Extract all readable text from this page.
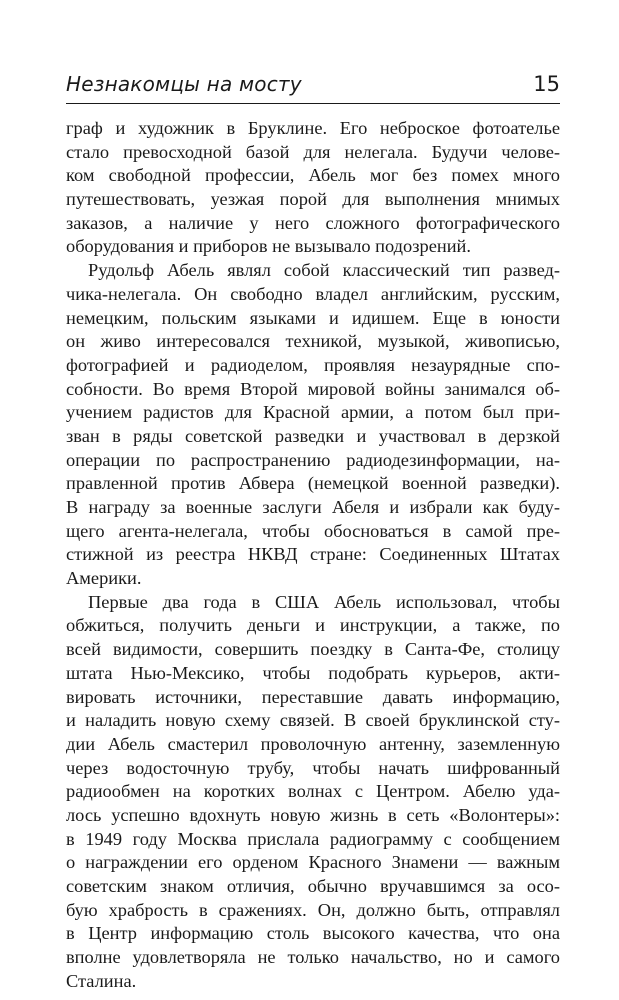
Незнакомцы на мосту	15
граф и художник в Бруклине. Его неброское фотоателье
стало превосходной базой для нелегала. Будучи челове-
ком свободной профессии, Абель мог без помех много
путешествовать, уезжая порой для выполнения мнимых
заказов, а наличие у него сложного фотографического
оборудования и приборов не вызывало подозрений.
Рудольф Абель являл собой классический тип развед-
чика-нелегала. Он свободно владел английским, русским,
немецким, польским языками и идишем. Еще в юности
он живо интересовался техникой, музыкой, живописью,
фотографией и радиоделом, проявляя незаурядные спо-
собности. Во время Второй мировой войны занимался об-
учением радистов для Красной армии, а потом был при-
зван в ряды советской разведки и участвовал в дерзкой
операции по распространению радиодезинформации, на-
правленной против Абвера (немецкой военной разведки).
В награду за военные заслуги Абеля и избрали как буду-
щего агента-нелегала, чтобы обосноваться в самой пре-
стижной из реестра НКВД стране: Соединенных Штатах
Америки.
Первые два года в США Абель использовал, чтобы
обжиться, получить деньги и инструкции, а также, по
всей видимости, совершить поездку в Санта-Фе, столицу
штата Нью-Мексико, чтобы подобрать курьеров, акти-
вировать источники, переставшие давать информацию,
и наладить новую схему связей. В своей бруклинской сту-
дии Абель смастерил проволочную антенну, заземленную
через водосточную трубу, чтобы начать шифрованный
радиообмен на коротких волнах с Центром. Абелю уда-
лось успешно вдохнуть новую жизнь в сеть «Волонтеры»:
в 1949 году Москва прислала радиограмму с сообщением
о награждении его орденом Красного Знамени — важным
советским знаком отличия, обычно вручавшимся за осо-
бую храбрость в сражениях. Он, должно быть, отправлял
в Центр информацию столь высокого качества, что она
вполне удовлетворяла не только начальство, но и самого
Сталина.
